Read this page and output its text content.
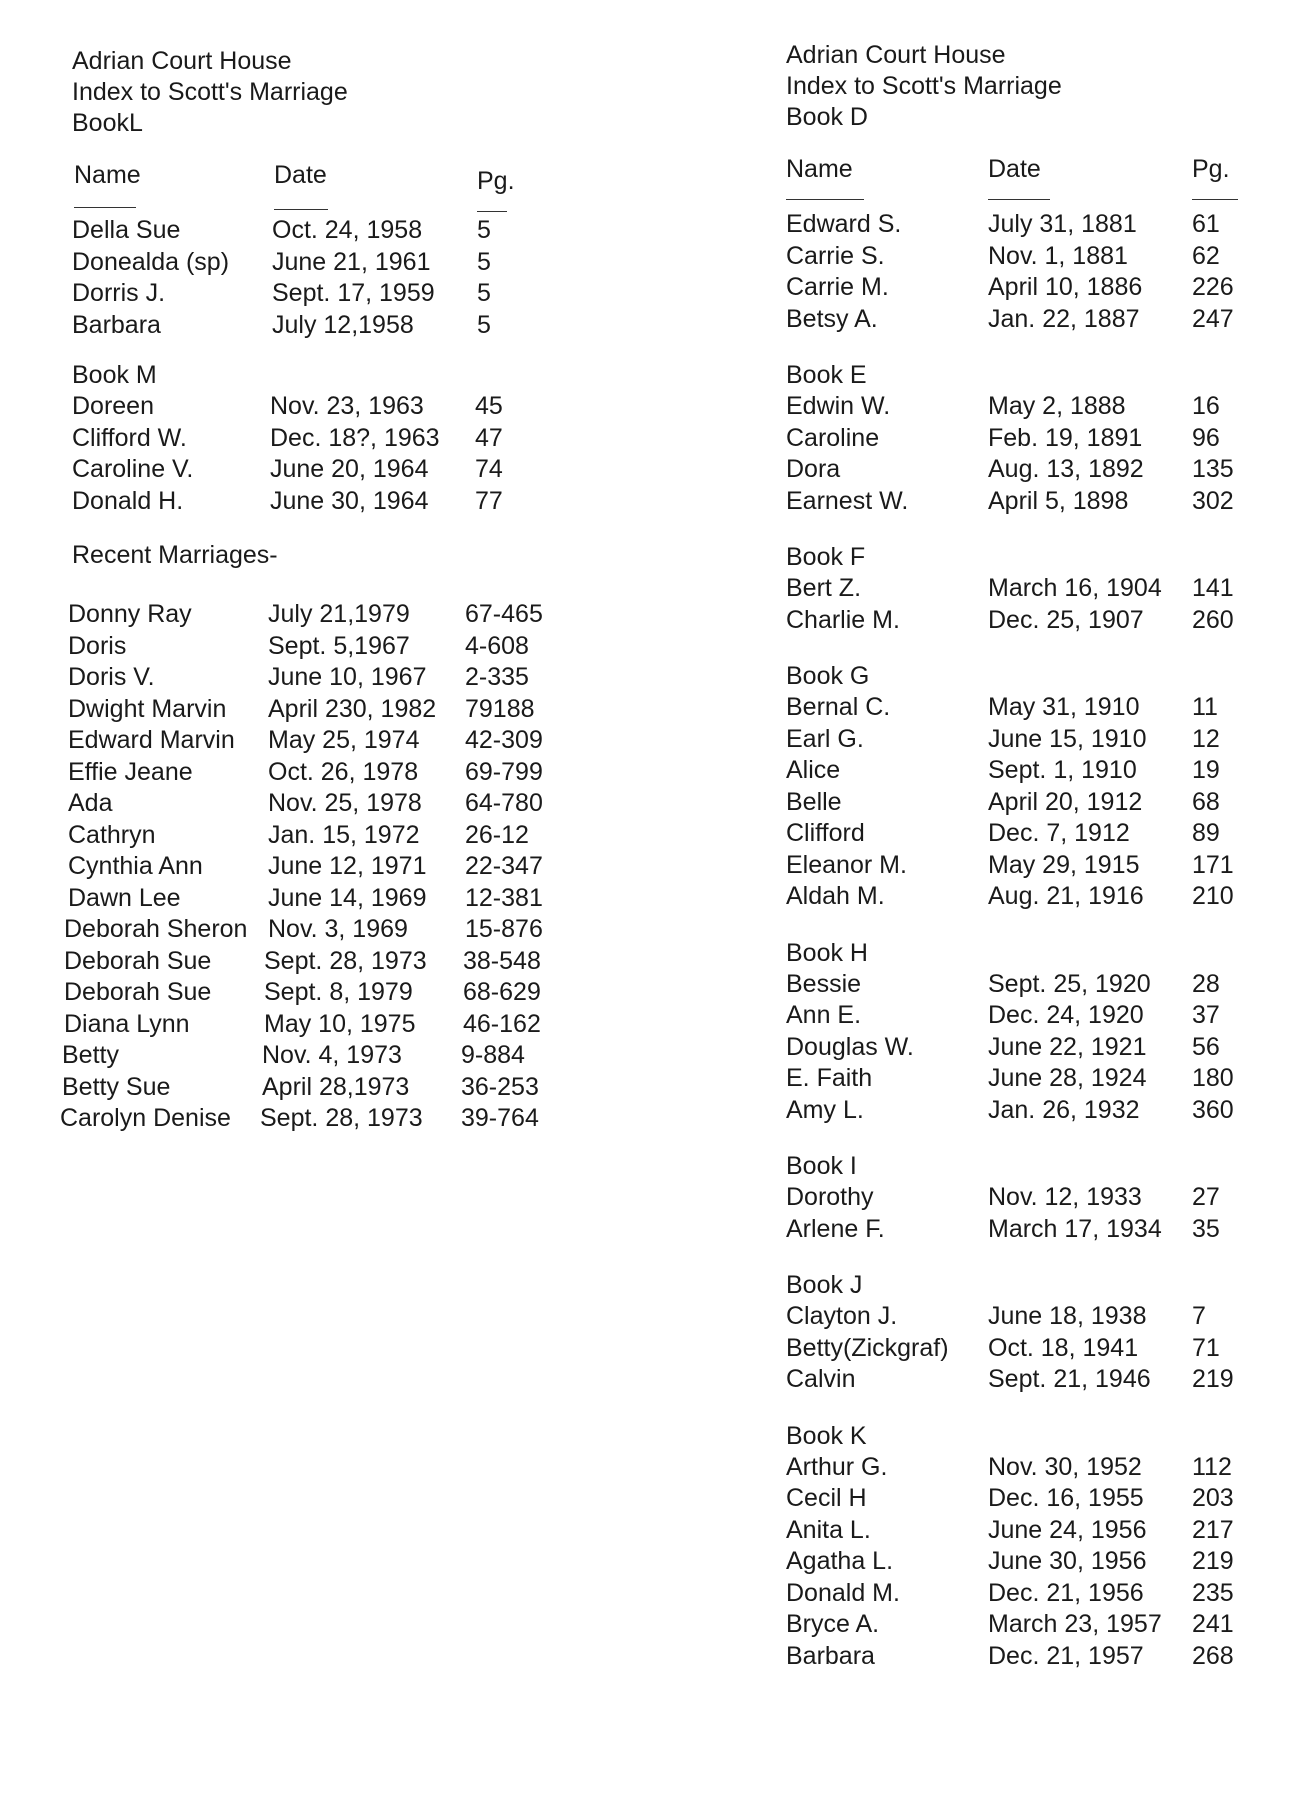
Adrian Court House
Index to Scott's Marriage
BookL
Name	Date	Pg.
Della Sue	Oct. 24, 1958 5
Donealda (sp) June 21, 1961 5
Dorris J.	Sept. 17, 1959 5
Barbara	July 12,1958	5
Book M
Doreen	Nov. 23, 1963 45
Clifford W.	Dec. 18?, 1963 47
Caroline V.	June 20, 1964 74
Donald H.	June 30, 1964 77
Recent Marriages-
Donny Ray	July 21,1979 67-465
Doris	Sept. 5,1967 4-608
Doris V.	June 10, 1967 2-335
Dwight Marvin April 230, 1982 79188
Edward Marvin May 25, 1974 42-309
Effie Jeane	Oct. 26, 1978 69-799
Ada	Nov. 25, 1978 64-780
Cathryn	Jan. 15, 1972 26-12
Cynthia Ann	June 12, 1971 22-347
Dawn Lee	June 14, 1969 12-381
Deborah Sheron Nov. 3, 1969 15-876
Deborah Sue Sept. 28, 1973 38-548
Deborah Sue Sept. 8, 1979 68-629
Diana Lynn	May 10, 1975 46-162
Betty	Nov. 4, 1973 9-884
Betty Sue	April 28,1973 36-253
Carolyn Denise Sept. 28, 1973 39-764
Adrian Court House
Index to Scott's Marriage
Book D
Name	Date	Pg.
Edward S.	July 31, 1881 61
Carrie S.	Nov. 1, 1881	62
Carrie M.	April 10, 1886 226
Betsy A.	Jan. 22, 1887 247
Book E
Edwin W.	May 2, 1888	16
Caroline	Feb. 19, 1891 96
Dora	Aug. 13, 1892 135
Earnest W.	April 5, 1898	302
Book F
Bert Z.	March 16, 1904 141
Charlie M.	Dec. 25, 1907 260
Book G
Bernal C.	May 31, 1910 11
Earl G.	June 15, 1910 12
Alice	Sept. 1, 1910 19
Belle	April 20, 1912 68
Clifford	Dec. 7, 1912 89
Eleanor M.	May 29, 1915 171
Aldah M.	Aug. 21, 1916 210
Book H
Bessie	Sept. 25, 1920 28
Ann E.	Dec. 24, 1920 37
Douglas W.	June 22, 1921 56
E. Faith	June 28, 1924 180
Amy L.	Jan. 26, 1932 360
Book I
Dorothy	Nov. 12, 1933 27
Arlene F.	March 17, 1934 35
Book J
Clayton J.	June 18, 1938 7
Betty(Zickgraf) Oct. 18, 1941 71
Calvin	Sept. 21, 1946 219
Book K
Arthur G.	Nov. 30, 1952 112
Cecil H	Dec. 16, 1955 203
Anita L.	June 24, 1956 217
Agatha L.	June 30, 1956 219
Donald M.	Dec. 21, 1956 235
Bryce A.	March 23, 1957 241
Barbara	Dec. 21, 1957 268
